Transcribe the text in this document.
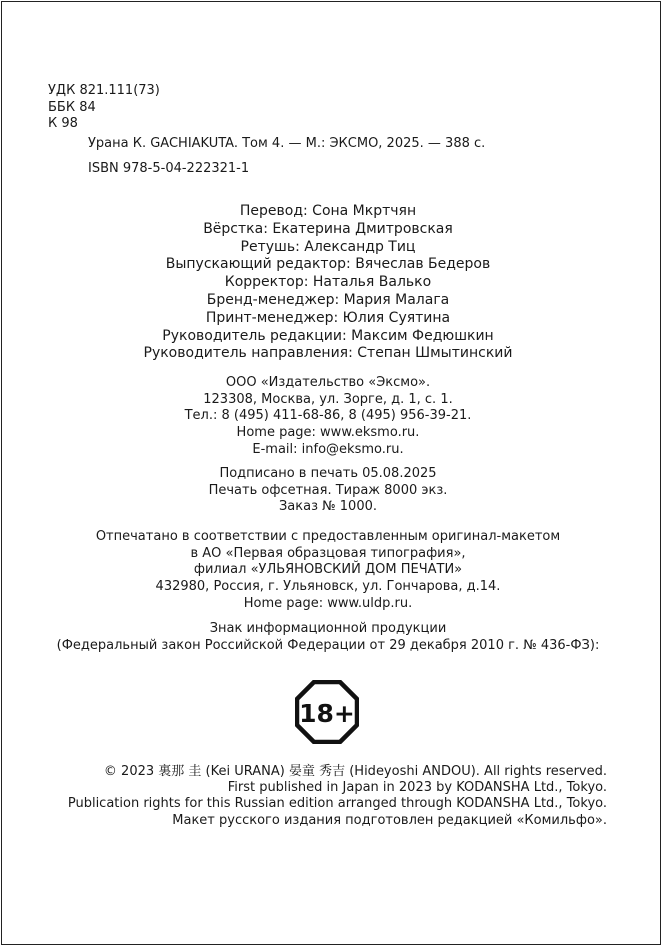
УДК 821.111(73)
ББК 84
К 98
Урана К. GACHIAKUTA. Том 4. — М.: ЭКСМО, 2025. — 388 с.
ISBN 978-5-04-222321-1
Перевод: Сона Мкртчян
Вёрстка: Екатерина Дмитровская
Ретушь: Александр Тиц
Выпускающий редактор: Вячеслав Бедеров
Корректор: Наталья Валько
Бренд-менеджер: Мария Малага
Принт-менеджер: Юлия Суятина
Руководитель редакции: Максим Федюшкин
Руководитель направления: Степан Шмытинский
ООО «Издательство «Эксмо».
123308, Москва, ул. Зорге, д. 1, с. 1.
Тел.: 8 (495) 411-68-86, 8 (495) 956-39-21.
Home page: www.eksmo.ru.
E-mail: info@eksmo.ru.
Подписано в печать 05.08.2025
Печать офсетная. Тираж 8000 экз.
Заказ № 1000.
Отпечатано в соответствии с предоставленным оригинал-макетом
в АО «Первая образцовая типография»,
филиал «УЛЬЯНОВСКИЙ ДОМ ПЕЧАТИ»
432980, Россия, г. Ульяновск, ул. Гончарова, д.14.
Home page: www.uldp.ru.
Знак информационной продукции
(Федеральный закон Российской Федерации от 29 декабря 2010 г. № 436-ФЗ):
18+
© 2023 裏那 圭 (Kei URANA) 晏童 秀吉 (Hideyoshi ANDOU). All rights reserved.
First published in Japan in 2023 by KODANSHA Ltd., Tokyo.
Publication rights for this Russian edition arranged through KODANSHA Ltd., Tokyo.
Макет русского издания подготовлен редакцией «Комильфо».
